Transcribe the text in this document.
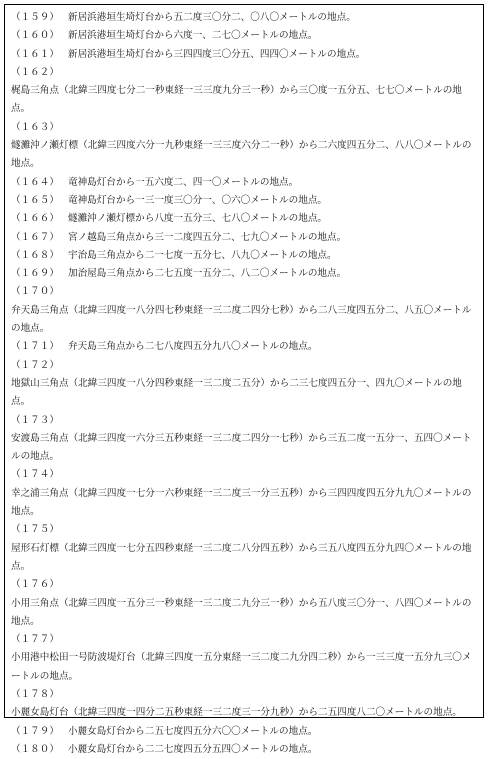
（１５９） 新居浜港垣生埼灯台から五二度三〇分二、〇八〇メートルの地点。
（１６０） 新居浜港垣生埼灯台から六度一、二七〇メートルの地点。
（１６１） 新居浜港垣生埼灯台から三四四度三〇分五、四四〇メートルの地点。
（１６２）
梶島三角点（北緯三四度七分二一秒東経一三三度九分三一秒）から三〇度一五分五、七七〇メートルの地点。
（１６３）
燧灘沖ノ瀬灯標（北緯三四度六分一九秒東経一三三度六分二一秒）から二六度四五分二、八八〇メートルの地点。
（１６４） 竜神島灯台から一五六度二、四一〇メートルの地点。
（１６５） 竜神島灯台から一三一度三〇分一、〇六〇メートルの地点。
（１６６） 燧灘沖ノ瀬灯標から八度一五分三、七八〇メートルの地点。
（１６７） 宮ノ越島三角点から三一二度四五分二、七九〇メートルの地点。
（１６８） 宇治島三角点から二一七度一五分七、八九〇メートルの地点。
（１６９） 加治屋島三角点から二七五度一五分二、八二〇メートルの地点。
（１７０）
弁天島三角点（北緯三四度一八分四七秒東経一三二度二四分七秒）から二八三度四五分二、八五〇メートルの地点。
（１７１） 弁天島三角点から二七八度四五分九八〇メートルの地点。
（１７２）
地獄山三角点（北緯三四度一八分四秒東経一三二度二五分）から二三七度四五分一、四九〇メートルの地点。
（１７３）
安渡島三角点（北緯三四度一六分三五秒東経一三二度二四分一七秒）から三五二度一五分一、五四〇メートルの地点。
（１７４）
幸之浦三角点（北緯三四度一七分一六秒東経一三二度三一分三五秒）から三四四度四五分九九〇メートルの地点。
（１７５）
屋形石灯標（北緯三四度一七分五四秒東経一三二度二八分四五秒）から三五八度四五分九四〇メートルの地点。
（１７６）
小用三角点（北緯三四度一五分三一秒東経一三二度二九分三一秒）から五八度三〇分一、八四〇メートルの地点。
（１７７）
小用港中松田一号防波堤灯台（北緯三四度一五分東経一三二度二九分四二秒）から一三三度一五分九三〇メートルの地点。
（１７８）
小麗女島灯台（北緯三四度一四分二五秒東経一三二度三一分九秒）から二五四度八二〇メートルの地点。
（１７９） 小麗女島灯台から二五七度四五分六〇〇メートルの地点。
（１８０） 小麗女島灯台から二二七度四五分五四〇メートルの地点。
